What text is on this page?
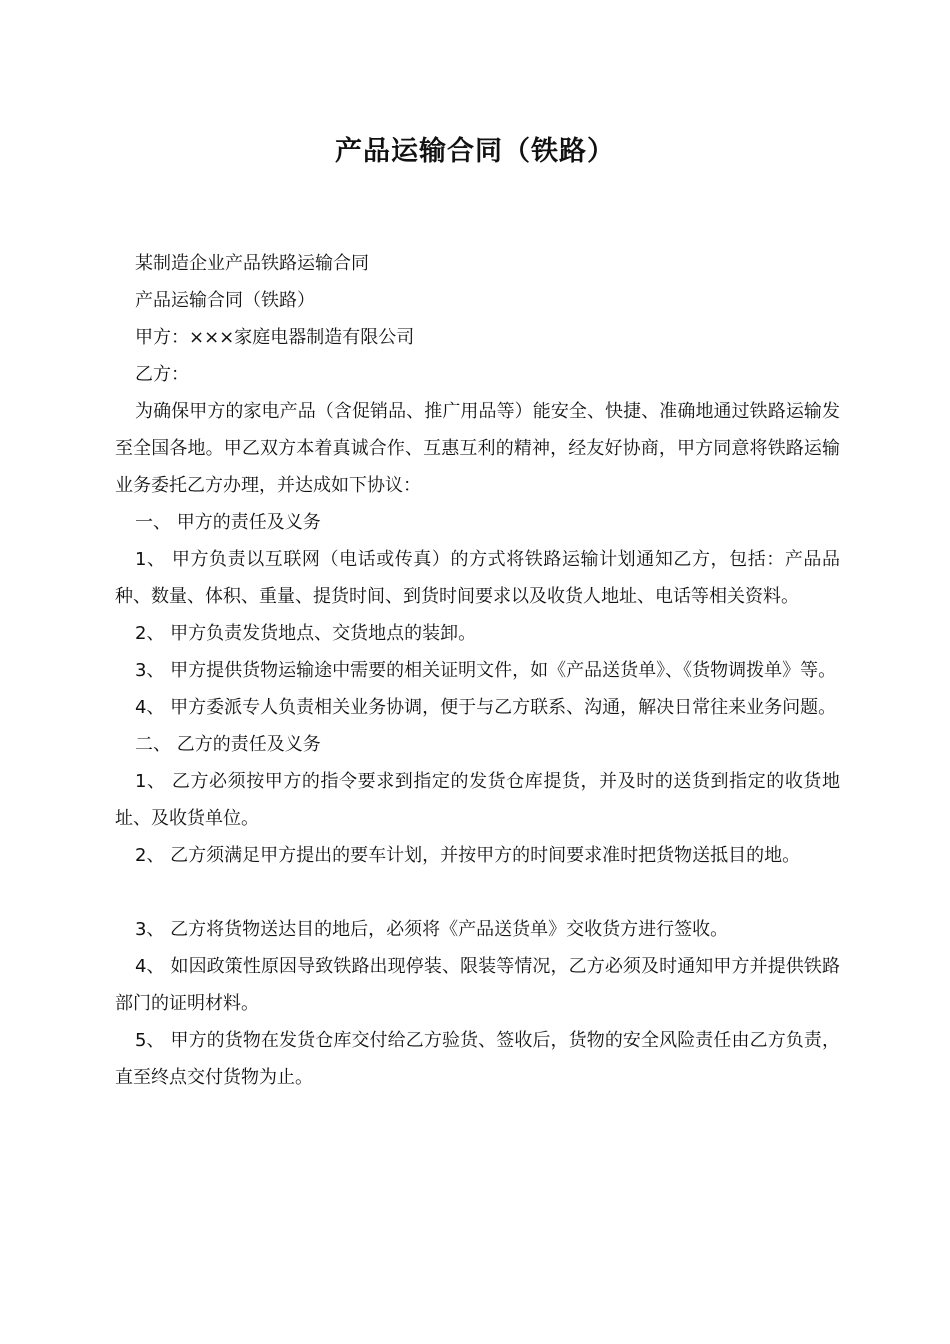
产品运输合同（铁路）

某制造企业产品铁路运输合同

产品运输合同（铁路）

甲方：×××家庭电器制造有限公司

乙方：

为确保甲方的家电产品（含促销品、推广用品等）能安全、快捷、准确地通过铁路运输发至全国各地。甲乙双方本着真诚合作、互惠互利的精神，经友好协商，甲方同意将铁路运输业务委托乙方办理，并达成如下协议：

一、 甲方的责任及义务

1、 甲方负责以互联网（电话或传真）的方式将铁路运输计划通知乙方，包括：产品品种、数量、体积、重量、提货时间、到货时间要求以及收货人地址、电话等相关资料。

2、 甲方负责发货地点、交货地点的装卸。

3、 甲方提供货物运输途中需要的相关证明文件，如《产品送货单》、《货物调拨单》等。

4、 甲方委派专人负责相关业务协调，便于与乙方联系、沟通，解决日常往来业务问题。

二、 乙方的责任及义务

1、 乙方必须按甲方的指令要求到指定的发货仓库提货，并及时的送货到指定的收货地址、及收货单位。

2、 乙方须满足甲方提出的要车计划，并按甲方的时间要求准时把货物送抵目的地。

3、 乙方将货物送达目的地后，必须将《产品送货单》交收货方进行签收。

4、 如因政策性原因导致铁路出现停装、限装等情况，乙方必须及时通知甲方并提供铁路部门的证明材料。

5、 甲方的货物在发货仓库交付给乙方验货、签收后，货物的安全风险责任由乙方负责，直至终点交付货物为止。
